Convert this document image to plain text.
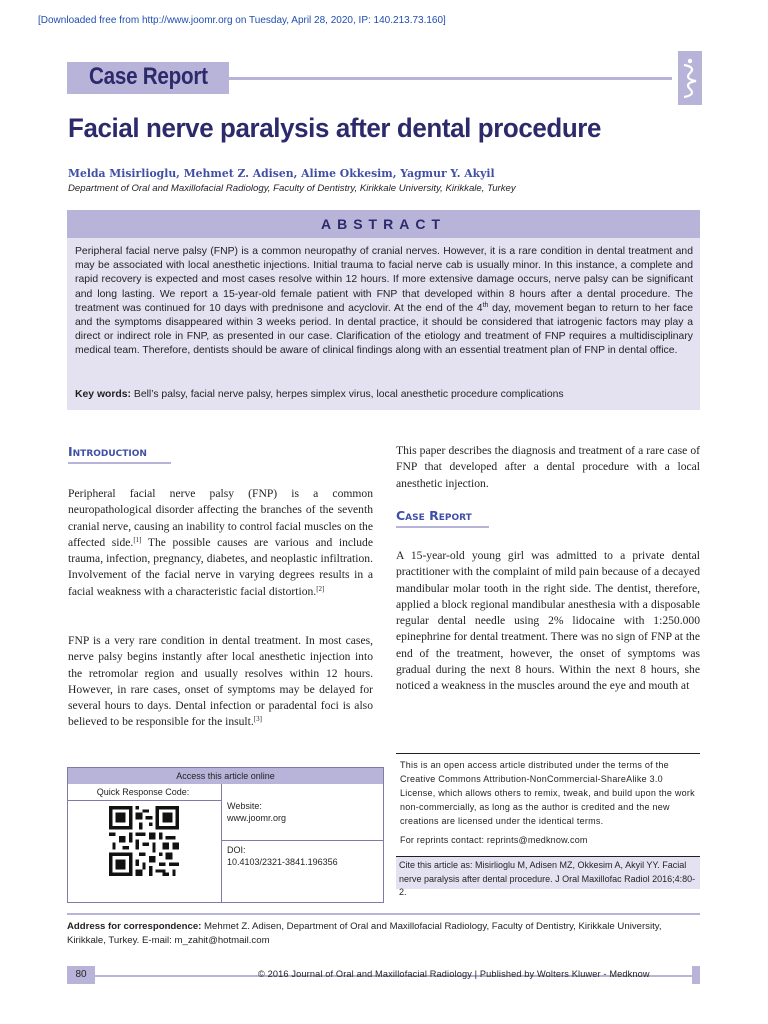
[Downloaded free from http://www.joomr.org on Tuesday, April 28, 2020, IP: 140.213.73.160]
Case Report
Facial nerve paralysis after dental procedure
Melda Misirlioglu, Mehmet Z. Adisen, Alime Okkesim, Yagmur Y. Akyil
Department of Oral and Maxillofacial Radiology, Faculty of Dentistry, Kirikkale University, Kirikkale, Turkey
ABSTRACT
Peripheral facial nerve palsy (FNP) is a common neuropathy of cranial nerves. However, it is a rare condition in dental treatment and may be associated with local anesthetic injections. Initial trauma to facial nerve cab is usually minor. In this instance, a complete and rapid recovery is expected and most cases resolve within 12 hours. If more extensive damage occurs, nerve palsy can be significant and long lasting. We report a 15-year-old female patient with FNP that developed within 8 hours after a dental procedure. The treatment was continued for 10 days with prednisone and acyclovir. At the end of the 4th day, movement began to return to her face and the symptoms disappeared within 3 weeks period. In dental practice, it should be considered that iatrogenic factors may play a direct or indirect role in FNP, as presented in our case. Clarification of the etiology and treatment of FNP requires a multidisciplinary medical team. Therefore, dentists should be aware of clinical findings along with an essential treatment plan of FNP in dental office.
Key words: Bell’s palsy, facial nerve palsy, herpes simplex virus, local anesthetic procedure complications
Introduction
Peripheral facial nerve palsy (FNP) is a common neuropathological disorder affecting the branches of the seventh cranial nerve, causing an inability to control facial muscles on the affected side.[1] The possible causes are various and include trauma, infection, pregnancy, diabetes, and neoplastic infiltration. Involvement of the facial nerve in varying degrees results in a facial weakness with a characteristic facial distortion.[2]
FNP is a very rare condition in dental treatment. In most cases, nerve palsy begins instantly after local anesthetic injection into the retromolar region and usually resolves within 12 hours. However, in rare cases, onset of symptoms may be delayed for several hours to days. Dental infection or paradental foci is also believed to be responsible for the insult.[3]
This paper describes the diagnosis and treatment of a rare case of FNP that developed after a dental procedure with a local anesthetic injection.
Case Report
A 15-year-old young girl was admitted to a private dental practitioner with the complaint of mild pain because of a decayed mandibular molar tooth in the right side. The dentist, therefore, applied a block regional mandibular anesthesia with a disposable regular dental needle using 2% lidocaine with 1:250.000 epinephrine for dental treatment. There was no sign of FNP at the end of the treatment, however, the onset of symptoms was gradual during the next 8 hours. Within the next 8 hours, she noticed a weakness in the muscles around the eye and mouth at
Access this article online
Quick Response Code:
Website:
www.joomr.org
DOI:
10.4103/2321-3841.196356
This is an open access article distributed under the terms of the Creative Commons Attribution-NonCommercial-ShareAlike 3.0 License, which allows others to remix, tweak, and build upon the work non-commercially, as long as the author is credited and the new creations are licensed under the identical terms.
For reprints contact: reprints@medknow.com
Cite this article as: Misirlioglu M, Adisen MZ, Okkesim A, Akyil YY. Facial nerve paralysis after dental procedure. J Oral Maxillofac Radiol 2016;4:80-2.
Address for correspondence: Mehmet Z. Adisen, Department of Oral and Maxillofacial Radiology, Faculty of Dentistry, Kirikkale University, Kirikkale, Turkey. E-mail: m_zahit@hotmail.com
80	© 2016 Journal of Oral and Maxillofacial Radiology | Published by Wolters Kluwer - Medknow
